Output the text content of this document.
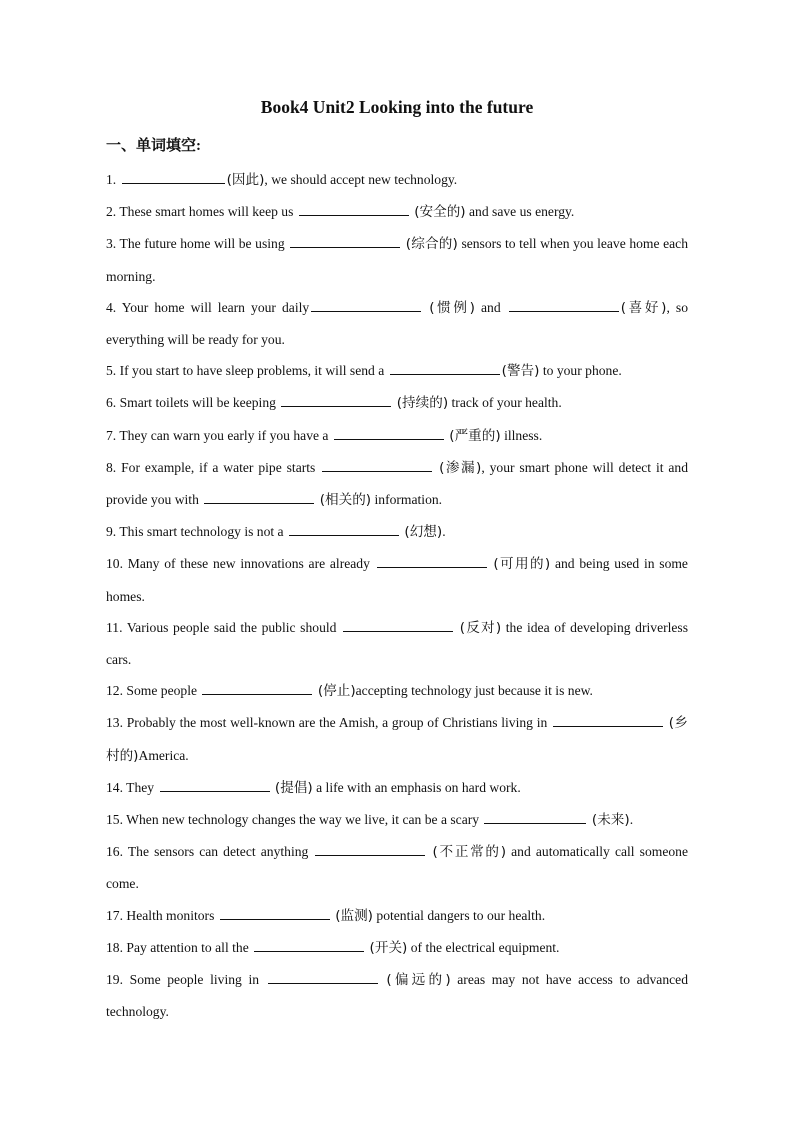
Book4 Unit2 Looking into the future
一、单词填空:

1.	(因此), we should accept new technology.

2. These smart homes will keep us	(安全的) and save us energy.

3. The future home will be using	(综合的) sensors to tell when you leave home each morning.

4. Your home will learn your daily	(惯例) and	(喜好), so everything will be ready for you.

5. If you start to have sleep problems, it will send a	(警告) to your phone.

6. Smart toilets will be keeping	(持续的) track of your health.

7. They can warn you early if you have a	(严重的) illness.

8. For example, if a water pipe starts	(渗漏), your smart phone will detect it and provide you with	(相关的) information.

9. This smart technology is not a	(幻想).

10. Many of these new innovations are already	(可用的) and being used in some homes.

11. Various people said the public should	(反对) the idea of developing driverless cars.

12. Some people	(停止)accepting technology just because it is new.

13. Probably the most well-known are the Amish, a group of Christians living in	(乡村的)America.

14. They	(提倡) a life with an emphasis on hard work.

15. When new technology changes the way we live, it can be a scary	(未来).

16. The sensors can detect anything	(不正常的) and automatically call someone come.

17. Health monitors	(监测) potential dangers to our health.

18. Pay attention to all the	(开关) of the electrical equipment.

19. Some people living in	(偏远的) areas may not have access to advanced technology.
